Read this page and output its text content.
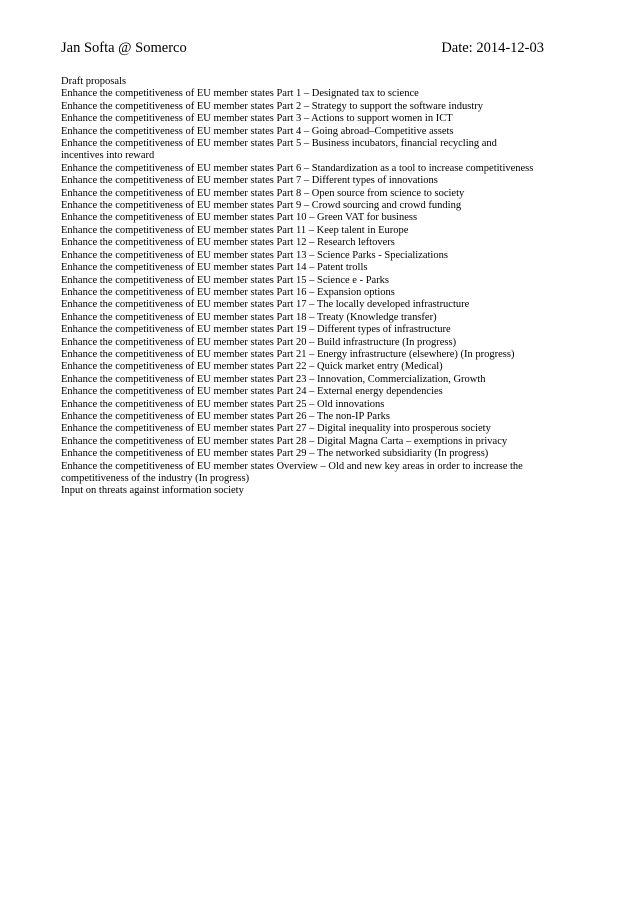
Jan Softa @ Somerco	Date: 2014-12-03
Draft proposals
Enhance the competitiveness of EU member states Part 1 – Designated tax to science
Enhance the competitiveness of EU member states Part 2 – Strategy to support the software industry
Enhance the competitiveness of EU member states Part 3 – Actions to support women in ICT
Enhance the competitiveness of EU member states Part 4 – Going abroad–Competitive assets
Enhance the competitiveness of EU member states Part 5 – Business incubators, financial recycling and incentives into reward
Enhance the competitiveness of EU member states Part 6 – Standardization as a tool to increase competitiveness
Enhance the competitiveness of EU member states Part 7 – Different types of innovations
Enhance the competitiveness of EU member states Part 8 – Open source from science to society
Enhance the competitiveness of EU member states Part 9 – Crowd sourcing and crowd funding
Enhance the competitiveness of EU member states Part 10 – Green VAT for business
Enhance the competitiveness of EU member states Part 11 – Keep talent in Europe
Enhance the competitiveness of EU member states Part 12 – Research leftovers
Enhance the competitiveness of EU member states Part 13 – Science Parks - Specializations
Enhance the competitiveness of EU member states Part 14 – Patent trolls
Enhance the competitiveness of EU member states Part 15 – Science e - Parks
Enhance the competitiveness of EU member states Part 16 – Expansion options
Enhance the competitiveness of EU member states Part 17 – The locally developed infrastructure
Enhance the competitiveness of EU member states Part 18 – Treaty (Knowledge transfer)
Enhance the competitiveness of EU member states Part 19 – Different types of infrastructure
Enhance the competitiveness of EU member states Part 20 – Build infrastructure (In progress)
Enhance the competitiveness of EU member states Part 21 – Energy infrastructure (elsewhere) (In progress)
Enhance the competitiveness of EU member states Part 22 – Quick market entry (Medical)
Enhance the competitiveness of EU member states Part 23 – Innovation, Commercialization, Growth
Enhance the competitiveness of EU member states Part 24 – External energy dependencies
Enhance the competitiveness of EU member states Part 25 – Old innovations
Enhance the competitiveness of EU member states Part 26 – The non-IP Parks
Enhance the competitiveness of EU member states Part 27 – Digital inequality into prosperous society
Enhance the competitiveness of EU member states Part 28 – Digital Magna Carta – exemptions in privacy
Enhance the competitiveness of EU member states Part 29 – The networked subsidiarity (In progress)
Enhance the competitiveness of EU member states Overview – Old and new key areas in order to increase the competitiveness of the industry (In progress)
Input on threats against information society
